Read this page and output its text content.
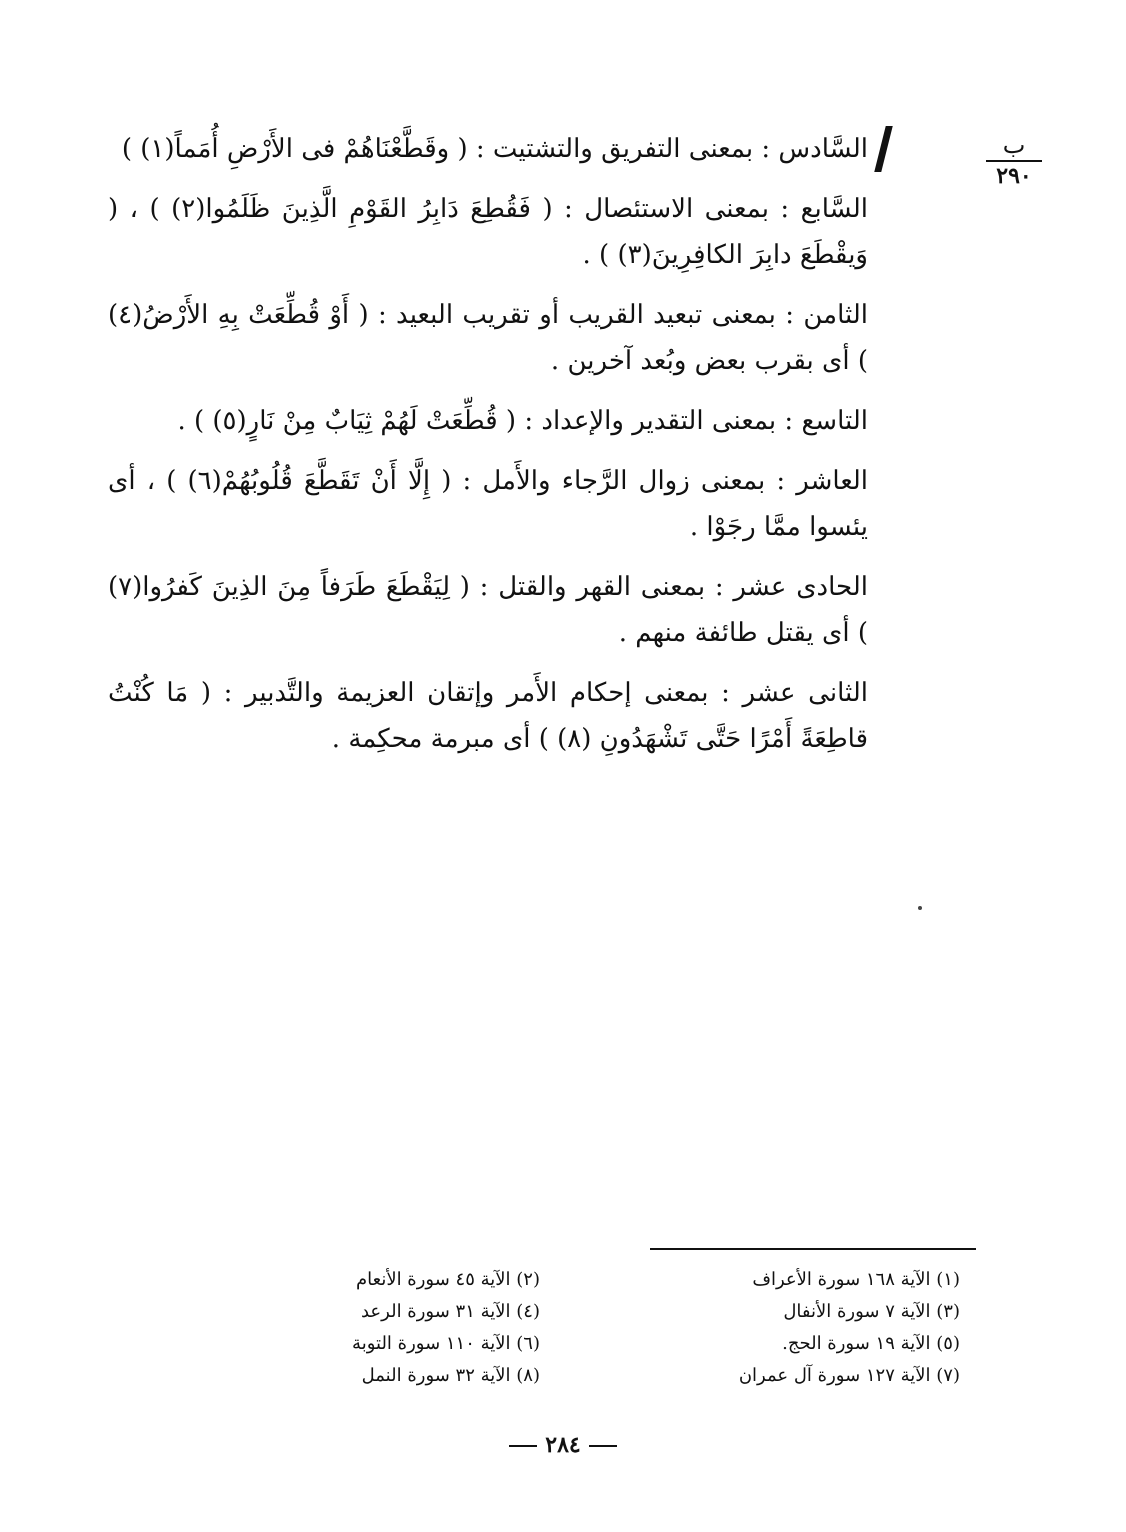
ب
٢٩٠

السَّادس : بمعنى التفريق والتشتيت : ( وقَطَّعْنَاهُمْ فى الأَرْضِ أُمَماً(١) )

السَّابع : بمعنى الاستئصال : ( فَقُطِعَ دَابِرُ القَوْمِ الَّذِينَ ظَلَمُوا(٢) ) ، ( وَيقْطَعَ دابِرَ الكافِرِينَ(٣) ) .

الثامن : بمعنى تبعيد القريب أو تقريب البعيد : ( أَوْ قُطِّعَتْ بِهِ الأَرْضُ(٤) ) أى بقرب بعض وبُعد آخرين .

التاسع : بمعنى التقدير والإعداد : ( قُطِّعَتْ لَهُمْ ثِيَابٌ مِنْ نَارٍ(٥) ) .

العاشر : بمعنى زوال الرَّجاء والأَمل : ( إِلَّا أَنْ تَقَطَّعَ قُلُوبُهُمْ(٦) ) ، أى يئسوا ممَّا رجَوْا .

الحادى عشر : بمعنى القهر والقتل : ( لِيَقْطَعَ طَرَفاً مِنَ الذِينَ كَفرُوا(٧) ) أى يقتل طائفة منهم .

الثانى عشر : بمعنى إحكام الأَمر وإتقان العزيمة والتَّدبير : ( مَا كُنْتُ قاطِعَةً أَمْرًا حَتَّى تَشْهَدُونِ (٨) ) أى مبرمة محكِمة .

(١) الآية ١٦٨ سورة الأعراف
(٣) الآية ٧ سورة الأنفال
(٥) الآية ١٩ سورة الحج.
(٧) الآية ١٢٧ سورة آل عمران
(٢) الآية ٤٥ سورة الأنعام
(٤) الآية ٣١ سورة الرعد
(٦) الآية ١١٠ سورة التوبة
(٨) الآية ٣٢ سورة النمل
٢٨٤
